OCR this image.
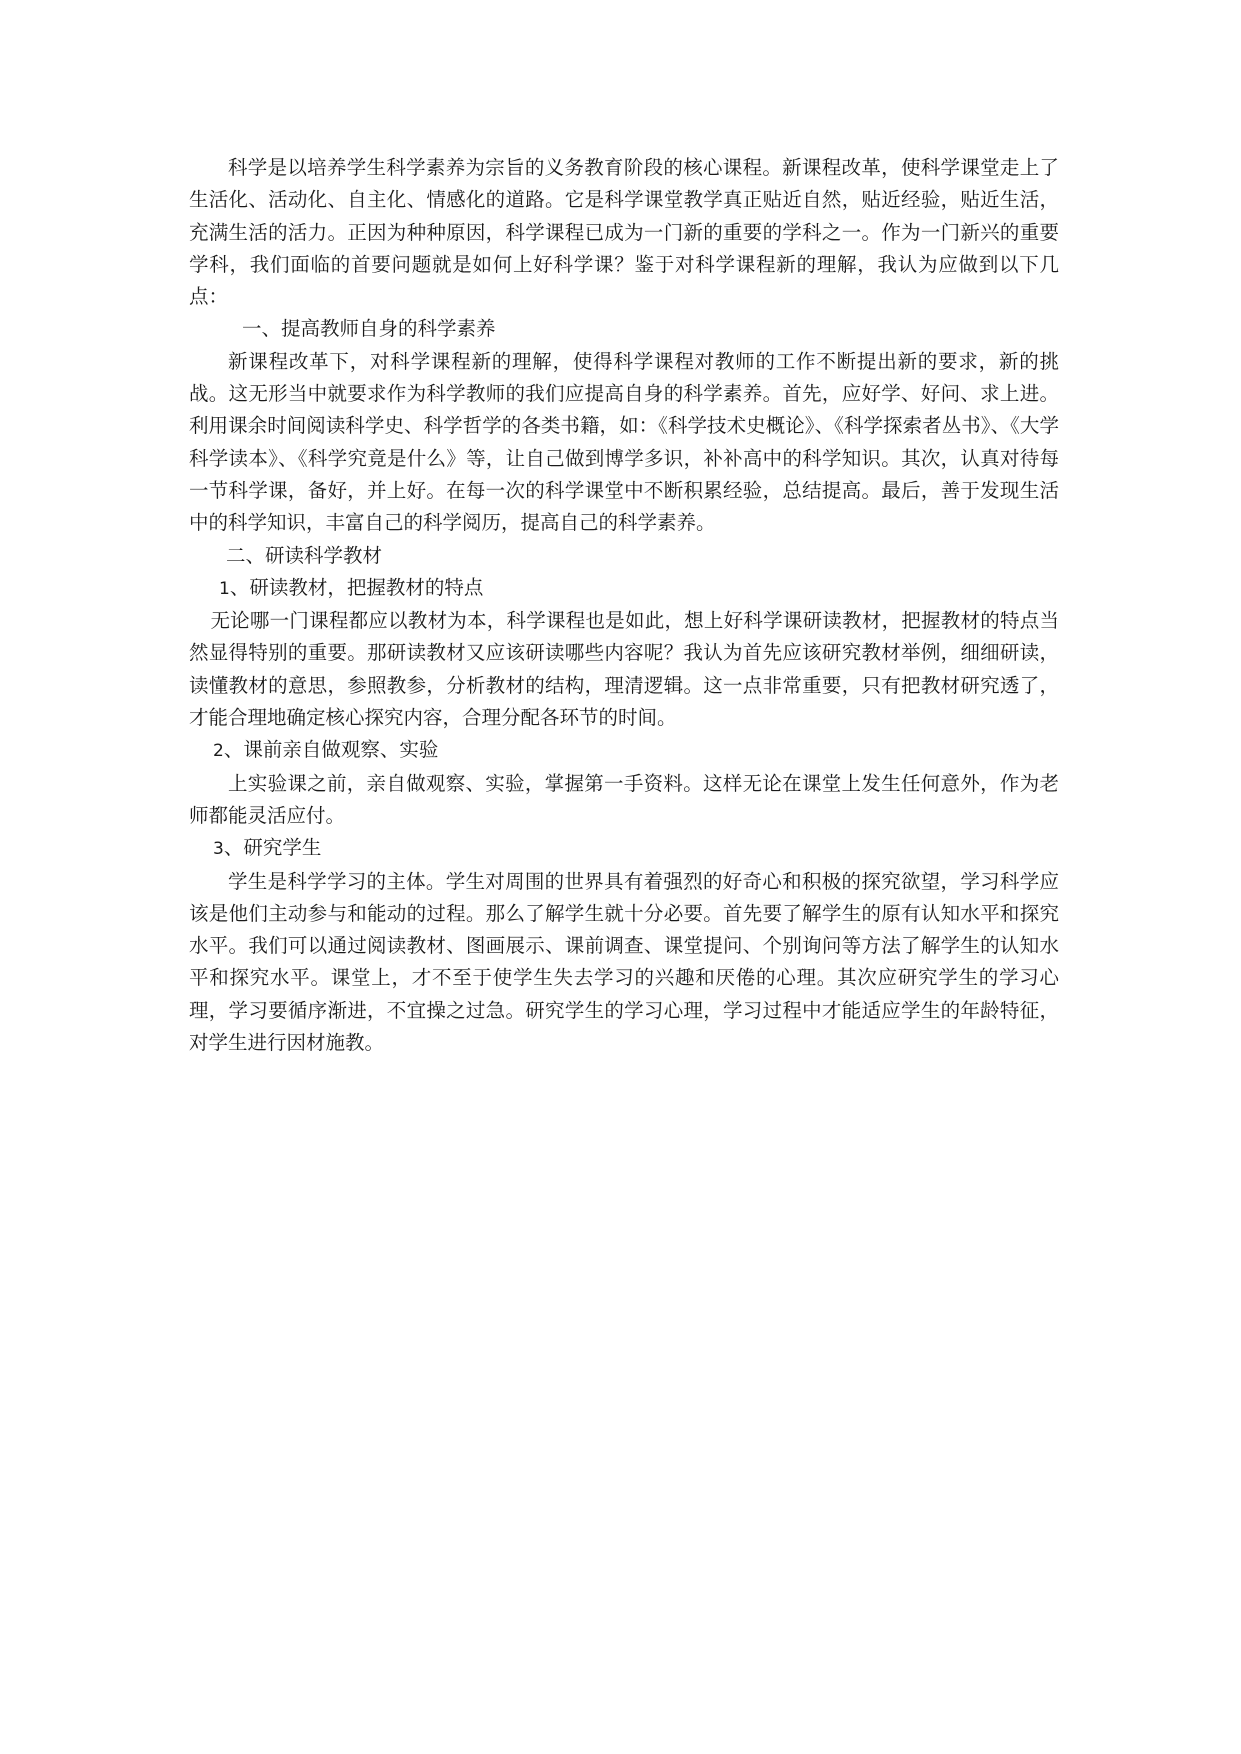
科学是以培养学生科学素养为宗旨的义务教育阶段的核心课程。新课程改革，使科学课堂走上了生活化、活动化、自主化、情感化的道路。它是科学课堂教学真正贴近自然，贴近经验，贴近生活，充满生活的活力。正因为种种原因，科学课程已成为一门新的重要的学科之一。作为一门新兴的重要学科，我们面临的首要问题就是如何上好科学课？鉴于对科学课程新的理解，我认为应做到以下几点：

一、提高教师自身的科学素养

新课程改革下，对科学课程新的理解，使得科学课程对教师的工作不断提出新的要求，新的挑战。这无形当中就要求作为科学教师的我们应提高自身的科学素养。首先，应好学、好问、求上进。利用课余时间阅读科学史、科学哲学的各类书籍，如：《科学技术史概论》、《科学探索者丛书》、《大学科学读本》、《科学究竟是什么》等，让自己做到博学多识，补补高中的科学知识。其次，认真对待每一节科学课，备好，并上好。在每一次的科学课堂中不断积累经验，总结提高。最后，善于发现生活中的科学知识，丰富自己的科学阅历，提高自己的科学素养。

二、研读科学教材

1、研读教材，把握教材的特点

无论哪一门课程都应以教材为本，科学课程也是如此，想上好科学课研读教材，把握教材的特点当然显得特别的重要。那研读教材又应该研读哪些内容呢？我认为首先应该研究教材举例，细细研读，读懂教材的意思，参照教参，分析教材的结构，理清逻辑。这一点非常重要，只有把教材研究透了，才能合理地确定核心探究内容，合理分配各环节的时间。

2、课前亲自做观察、实验

上实验课之前，亲自做观察、实验，掌握第一手资料。这样无论在课堂上发生任何意外，作为老师都能灵活应付。

3、研究学生

学生是科学学习的主体。学生对周围的世界具有着强烈的好奇心和积极的探究欲望，学习科学应该是他们主动参与和能动的过程。那么了解学生就十分必要。首先要了解学生的原有认知水平和探究水平。我们可以通过阅读教材、图画展示、课前调查、课堂提问、个别询问等方法了解学生的认知水平和探究水平。课堂上，才不至于使学生失去学习的兴趣和厌倦的心理。其次应研究学生的学习心理，学习要循序渐进，不宜操之过急。研究学生的学习心理，学习过程中才能适应学生的年龄特征，对学生进行因材施教。
